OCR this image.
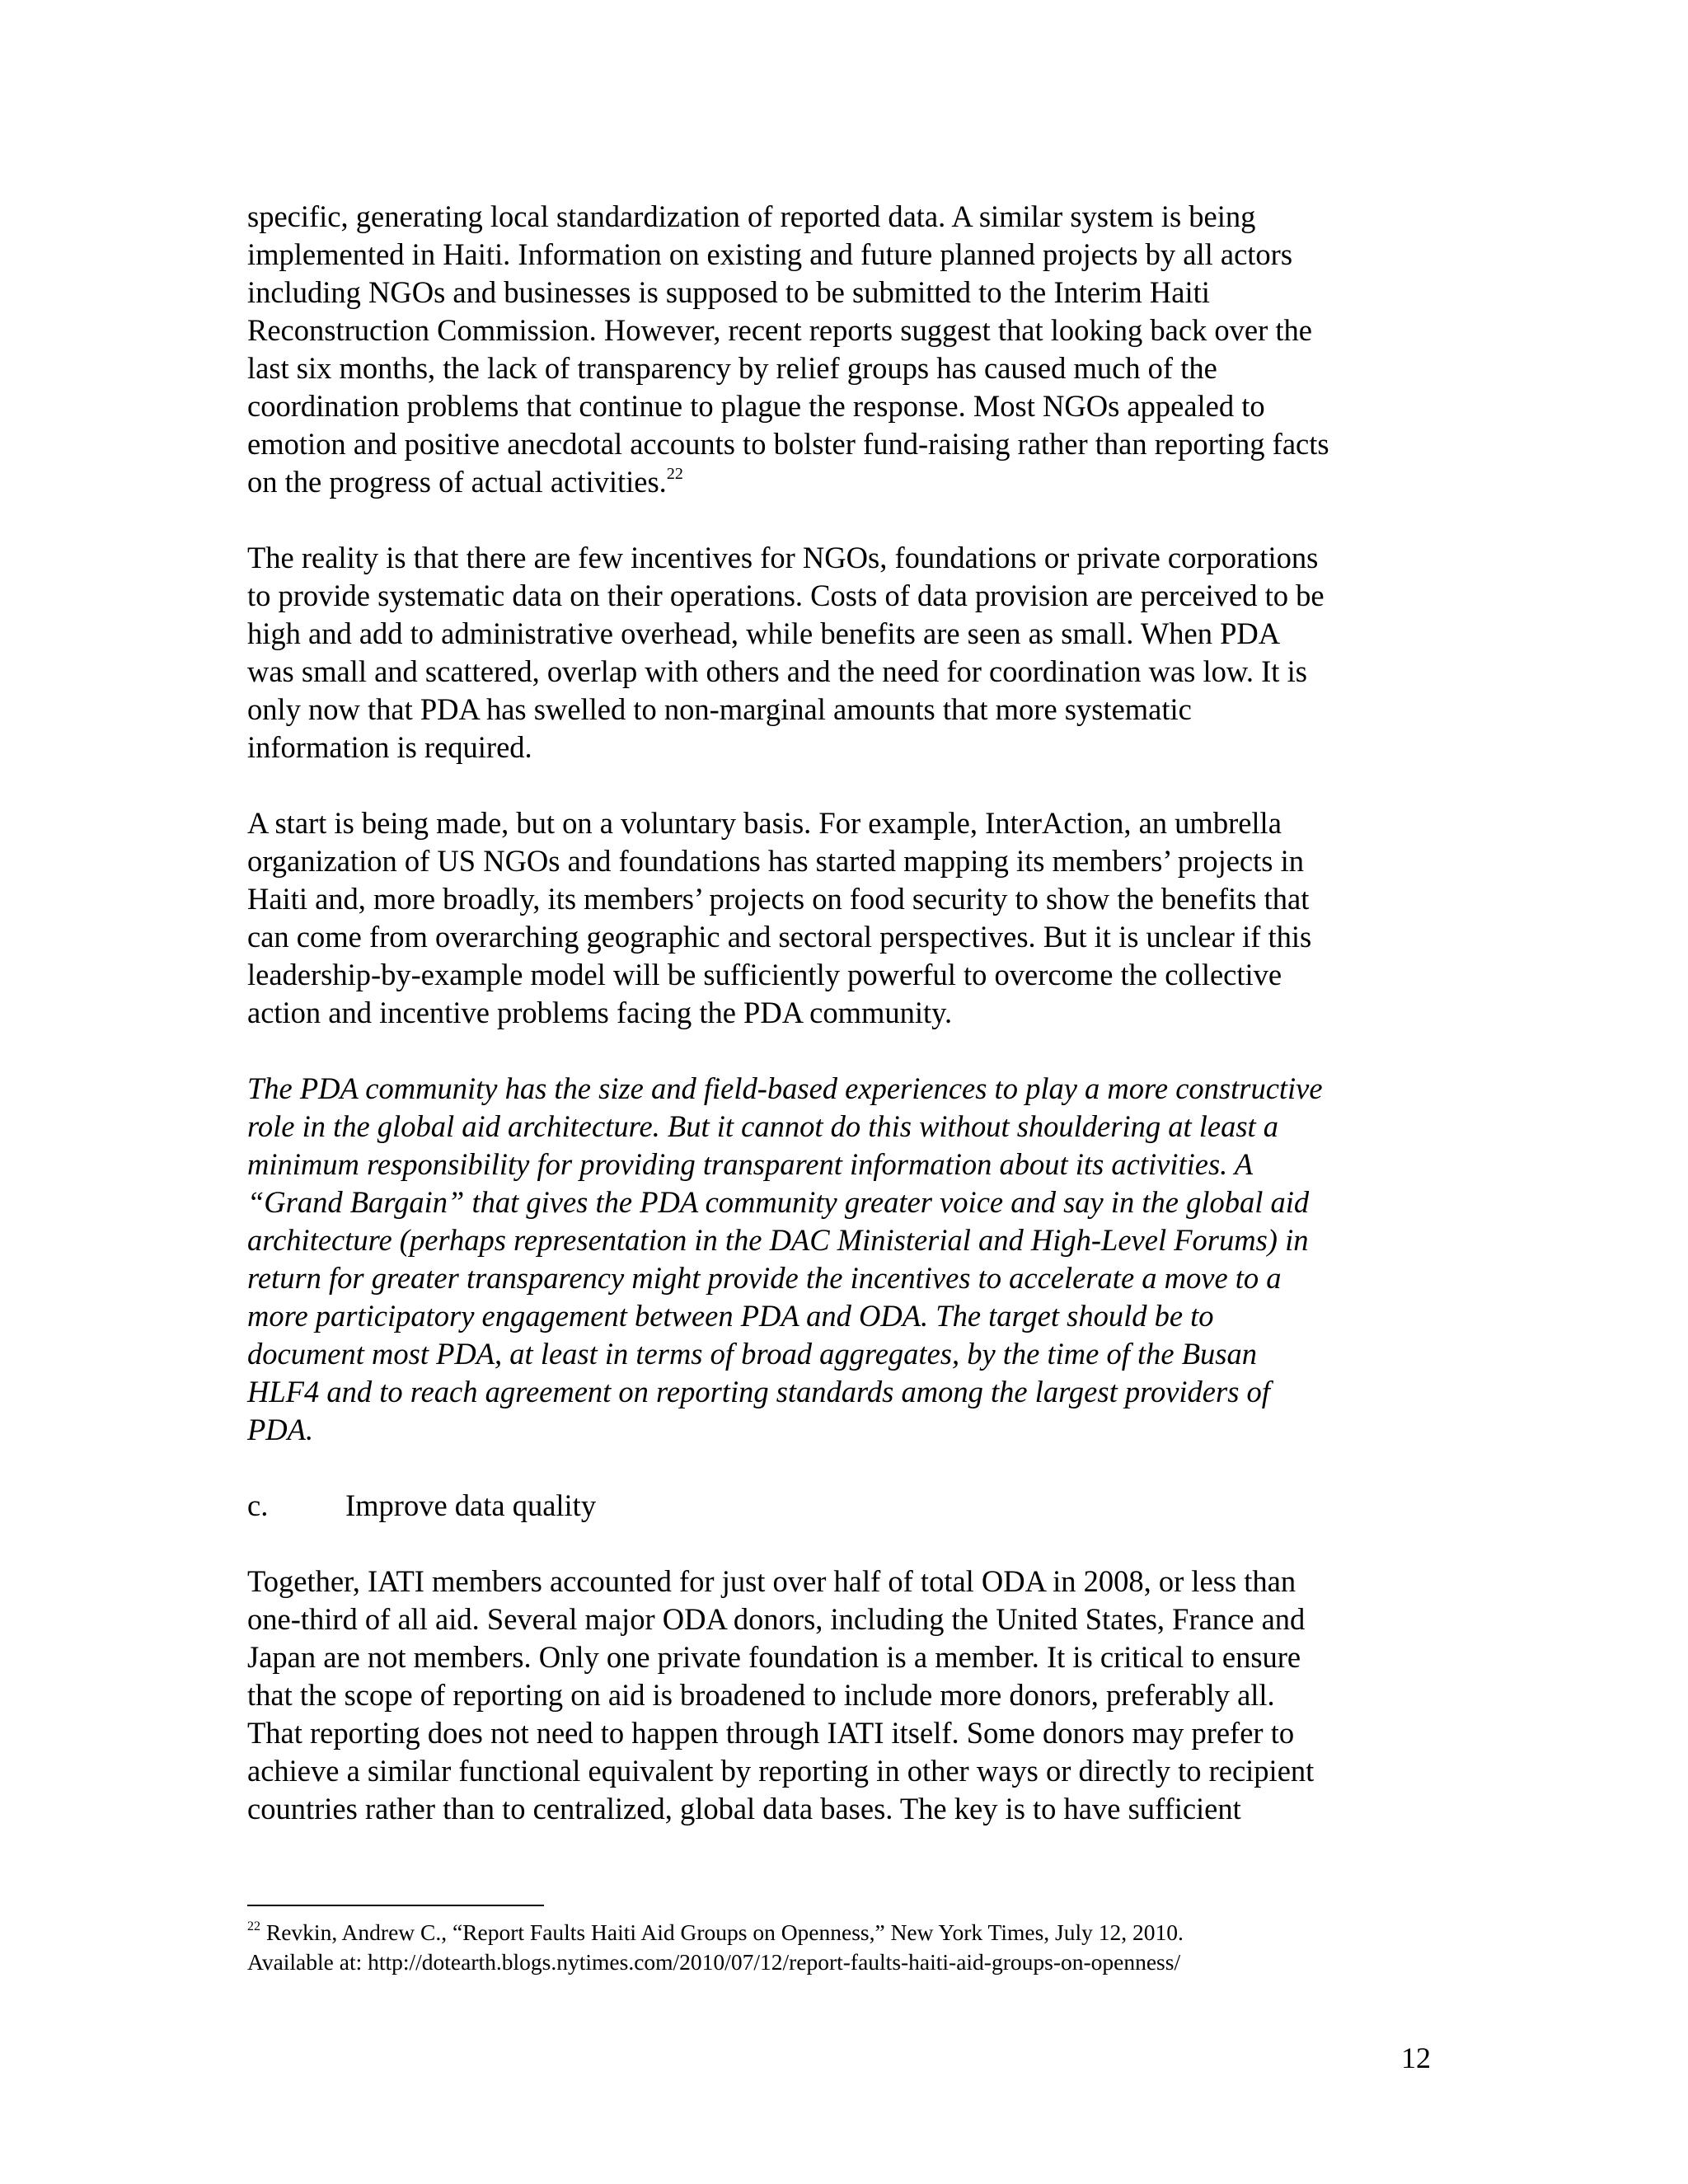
specific, generating local standardization of reported data. A similar system is being
implemented in Haiti. Information on existing and future planned projects by all actors
including NGOs and businesses is supposed to be submitted to the Interim Haiti
Reconstruction Commission. However, recent reports suggest that looking back over the
last six months, the lack of transparency by relief groups has caused much of the
coordination problems that continue to plague the response. Most NGOs appealed to
emotion and positive anecdotal accounts to bolster fund-raising rather than reporting facts
on the progress of actual activities.$^{22}$

The reality is that there are few incentives for NGOs, foundations or private corporations
to provide systematic data on their operations. Costs of data provision are perceived to be
high and add to administrative overhead, while benefits are seen as small. When PDA
was small and scattered, overlap with others and the need for coordination was low. It is
only now that PDA has swelled to non-marginal amounts that more systematic
information is required.

A start is being made, but on a voluntary basis. For example, InterAction, an umbrella
organization of US NGOs and foundations has started mapping its members’ projects in
Haiti and, more broadly, its members’ projects on food security to show the benefits that
can come from overarching geographic and sectoral perspectives. But it is unclear if this
leadership-by-example model will be sufficiently powerful to overcome the collective
action and incentive problems facing the PDA community.

The PDA community has the size and field-based experiences to play a more constructive
role in the global aid architecture. But it cannot do this without shouldering at least a
minimum responsibility for providing transparent information about its activities. A
“Grand Bargain” that gives the PDA community greater voice and say in the global aid
architecture (perhaps representation in the DAC Ministerial and High-Level Forums) in
return for greater transparency might provide the incentives to accelerate a move to a
more participatory engagement between PDA and ODA. The target should be to
document most PDA, at least in terms of broad aggregates, by the time of the Busan
HLF4 and to reach agreement on reporting standards among the largest providers of
PDA.

c.	Improve data quality

Together, IATI members accounted for just over half of total ODA in 2008, or less than
one-third of all aid. Several major ODA donors, including the United States, France and
Japan are not members. Only one private foundation is a member. It is critical to ensure
that the scope of reporting on aid is broadened to include more donors, preferably all.
That reporting does not need to happen through IATI itself. Some donors may prefer to
achieve a similar functional equivalent by reporting in other ways or directly to recipient
countries rather than to centralized, global data bases. The key is to have sufficient

$^{22}$ Revkin, Andrew C., “Report Faults Haiti Aid Groups on Openness,” New York Times, July 12, 2010.
Available at: http://dotearth.blogs.nytimes.com/2010/07/12/report-faults-haiti-aid-groups-on-openness/
12
